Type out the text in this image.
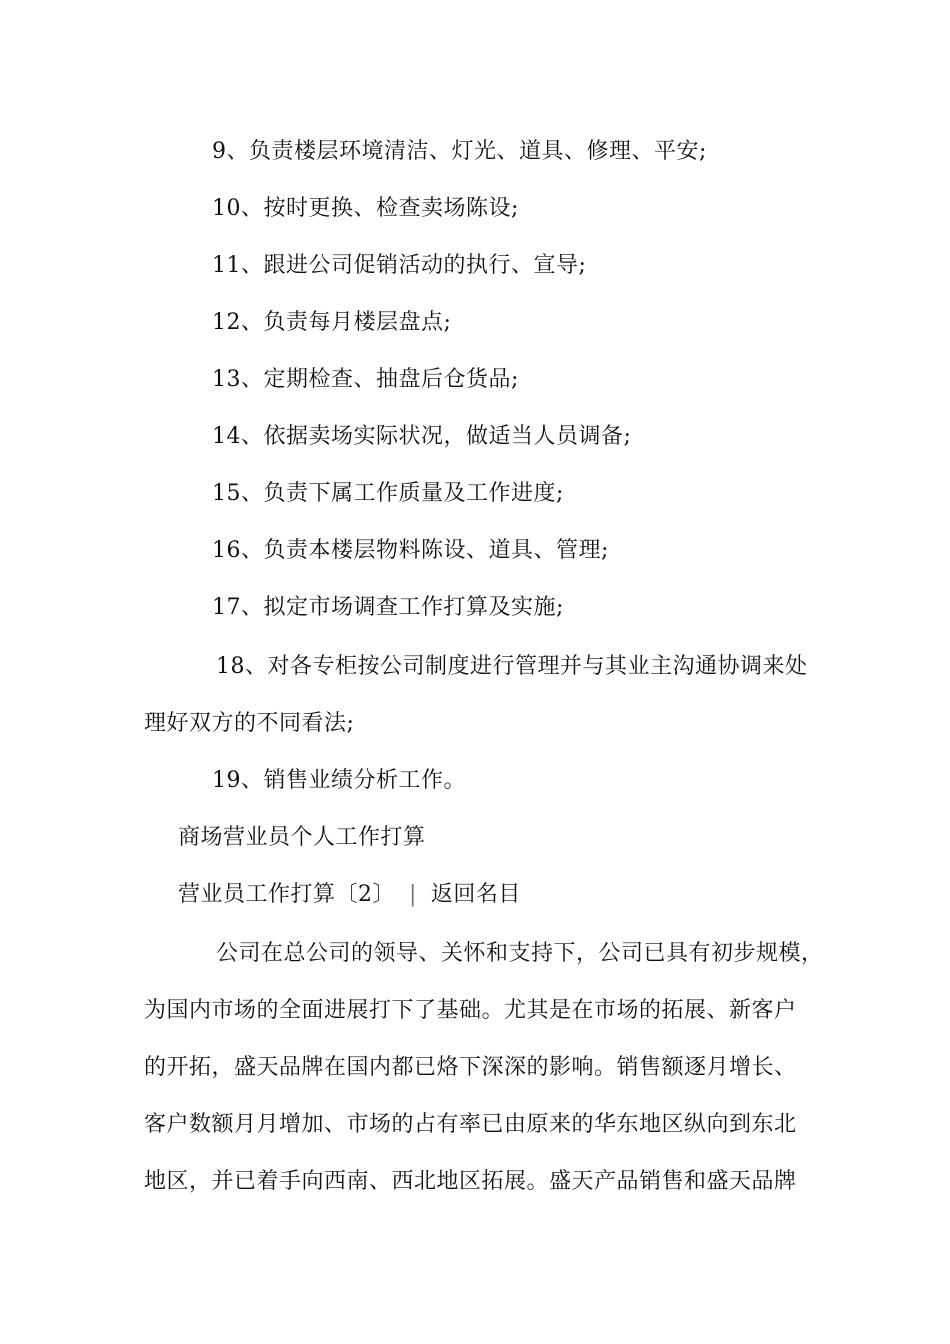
9、负责楼层环境清洁、灯光、道具、修理、平安;
10、按时更换、检查卖场陈设;
11、跟进公司促销活动的执行、宣导;
12、负责每月楼层盘点;
13、定期检查、抽盘后仓货品;
14、依据卖场实际状况，做适当人员调备;
15、负责下属工作质量及工作进度;
16、负责本楼层物料陈设、道具、管理;
17、拟定市场调查工作打算及实施;
18、对各专柜按公司制度进行管理并与其业主沟通协调来处
理好双方的不同看法;
19、销售业绩分析工作。
商场营业员个人工作打算
营业员工作打算〔2〕 | 返回名目
公司在总公司的领导、关怀和支持下，公司已具有初步规模，
为国内市场的全面进展打下了基础。尤其是在市场的拓展、新客户
的开拓，盛天品牌在国内都已烙下深深的影响。销售额逐月增长、
客户数额月月增加、市场的占有率已由原来的华东地区纵向到东北
地区，并已着手向西南、西北地区拓展。盛天产品销售和盛天品牌
